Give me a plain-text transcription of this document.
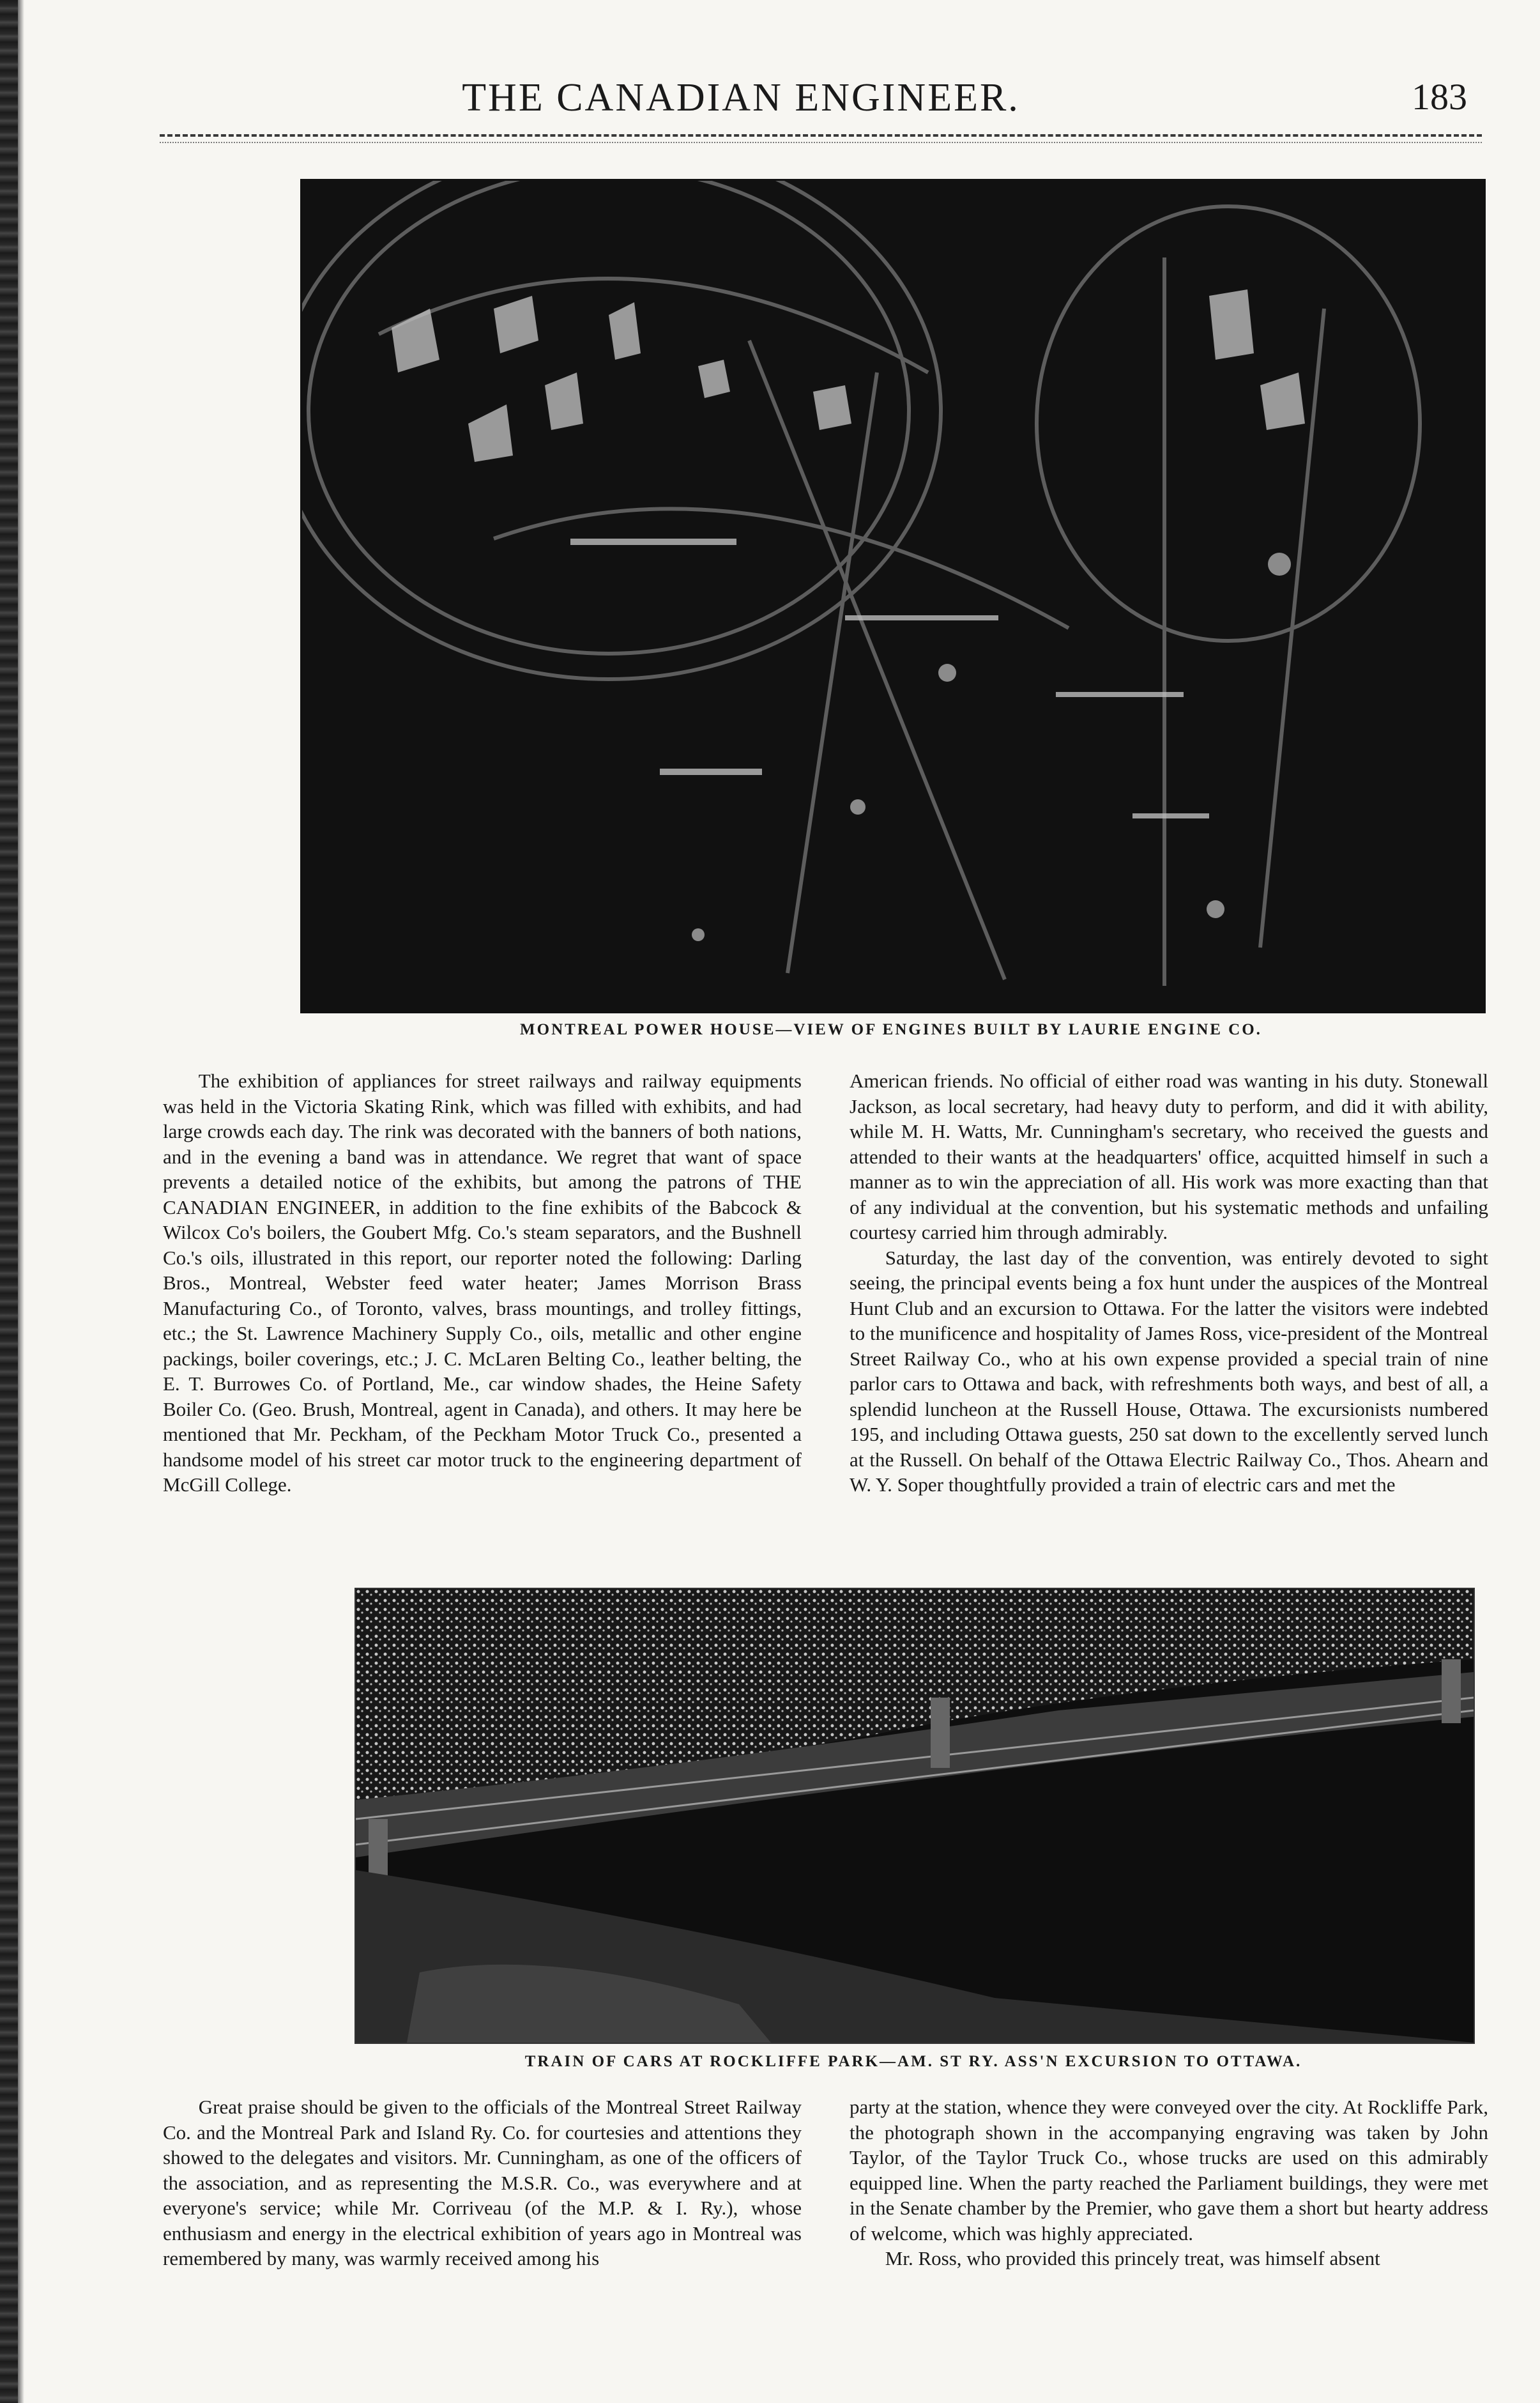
THE CANADIAN ENGINEER.	183
MONTREAL POWER HOUSE—VIEW OF ENGINES BUILT BY LAURIE ENGINE CO.

The exhibition of appliances for street railways and railway equipments was held in the Victoria Skating Rink, which was filled with exhibits, and had large crowds each day. The rink was decorated with the banners of both nations, and in the evening a band was in attendance. We regret that want of space prevents a detailed notice of the exhibits, but among the patrons of THE CANADIAN ENGINEER, in addition to the fine exhibits of the Babcock & Wilcox Co's boilers, the Goubert Mfg. Co.'s steam separators, and the Bushnell Co.'s oils, illustrated in this report, our reporter noted the following: Darling Bros., Montreal, Webster feed water heater; James Morrison Brass Manufacturing Co., of Toronto, valves, brass mountings, and trolley fittings, etc.; the St. Lawrence Machinery Supply Co., oils, metallic and other engine packings, boiler coverings, etc.; J. C. McLaren Belting Co., leather belting, the E. T. Burrowes Co. of Portland, Me., car window shades, the Heine Safety Boiler Co. (Geo. Brush, Montreal, agent in Canada), and others. It may here be mentioned that Mr. Peckham, of the Peckham Motor Truck Co., presented a handsome model of his street car motor truck to the engineering department of McGill College.

American friends. No official of either road was wanting in his duty. Stonewall Jackson, as local secretary, had heavy duty to perform, and did it with ability, while M. H. Watts, Mr. Cunningham's secretary, who received the guests and attended to their wants at the headquarters' office, acquitted himself in such a manner as to win the appreciation of all. His work was more exacting than that of any individual at the convention, but his systematic methods and unfailing courtesy carried him through admirably.

Saturday, the last day of the convention, was entirely devoted to sight seeing, the principal events being a fox hunt under the auspices of the Montreal Hunt Club and an excursion to Ottawa. For the latter the visitors were indebted to the munificence and hospitality of James Ross, vice-president of the Montreal Street Railway Co., who at his own expense provided a special train of nine parlor cars to Ottawa and back, with refreshments both ways, and best of all, a splendid luncheon at the Russell House, Ottawa. The excursionists numbered 195, and including Ottawa guests, 250 sat down to the excellently served lunch at the Russell. On behalf of the Ottawa Electric Railway Co., Thos. Ahearn and W. Y. Soper thoughtfully provided a train of electric cars and met the

TRAIN OF CARS AT ROCKLIFFE PARK—AM. ST RY. ASS'N EXCURSION TO OTTAWA.

Great praise should be given to the officials of the Montreal Street Railway Co. and the Montreal Park and Island Ry. Co. for courtesies and attentions they showed to the delegates and visitors. Mr. Cunningham, as one of the officers of the association, and as representing the M.S.R. Co., was everywhere and at everyone's service; while Mr. Corriveau (of the M.P. & I. Ry.), whose enthusiasm and energy in the electrical exhibition of years ago in Montreal was remembered by many, was warmly received among his

party at the station, whence they were conveyed over the city. At Rockliffe Park, the photograph shown in the accompanying engraving was taken by John Taylor, of the Taylor Truck Co., whose trucks are used on this admirably equipped line. When the party reached the Parliament buildings, they were met in the Senate chamber by the Premier, who gave them a short but hearty address of welcome, which was highly appreciated.

Mr. Ross, who provided this princely treat, was himself absent
